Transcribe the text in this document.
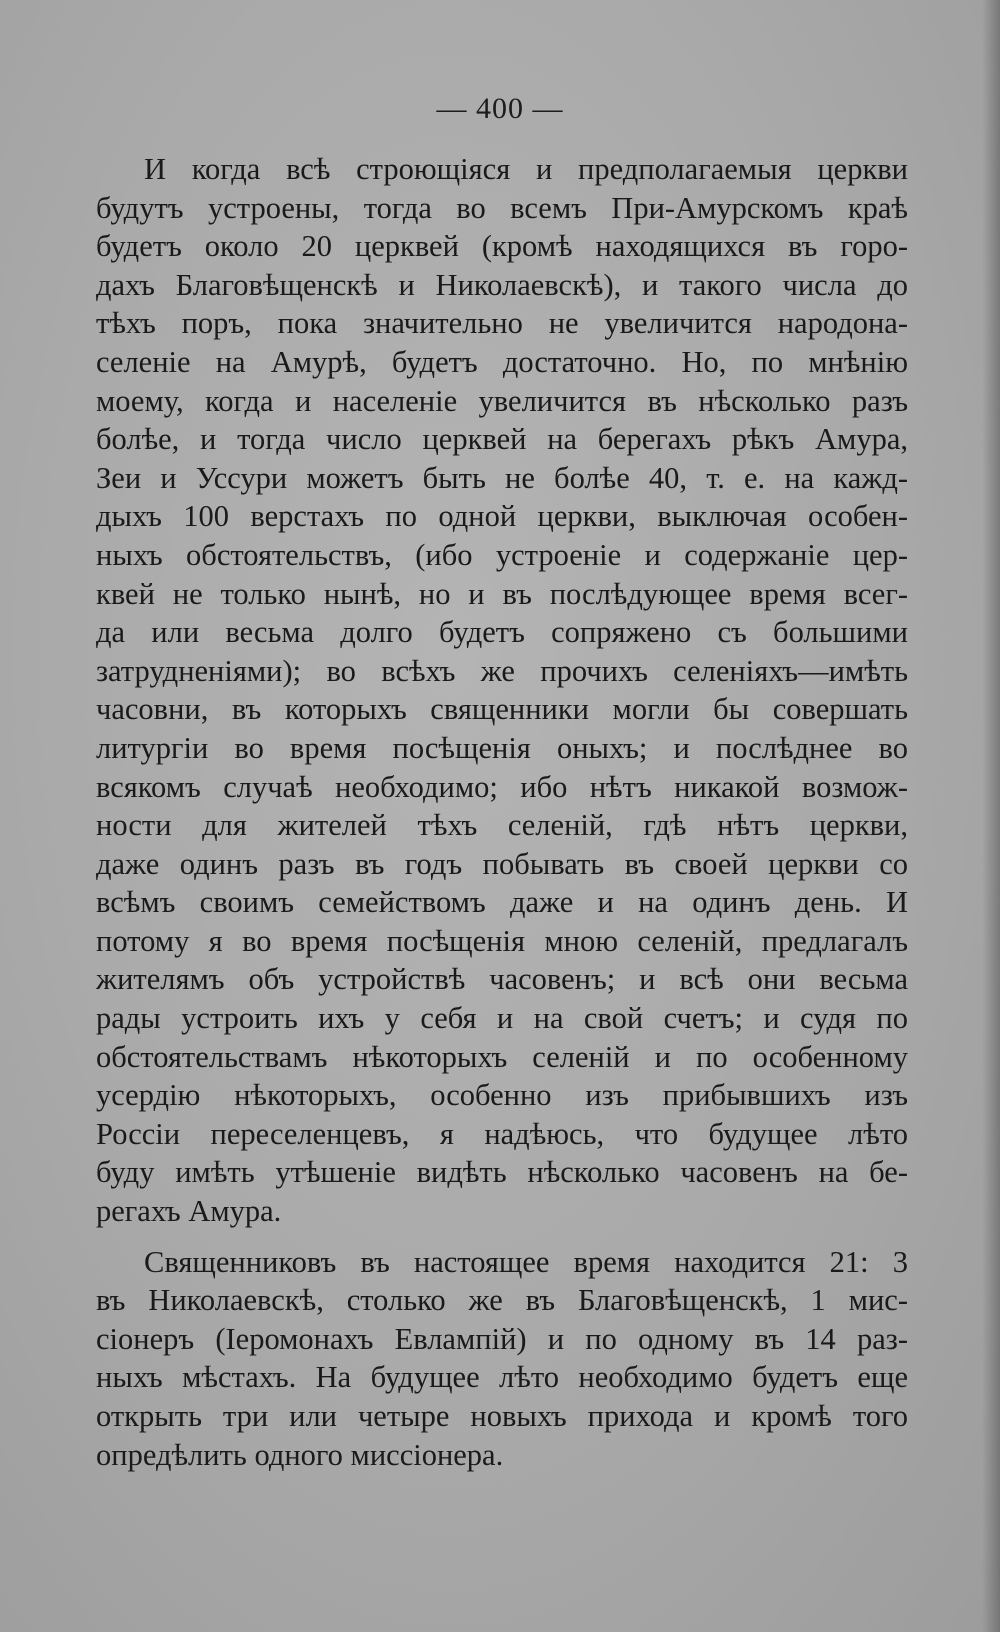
— 400 —
И когда всѣ строющіяся и предполагаемыя церкви
будутъ устроены, тогда во всемъ При-Амурскомъ краѣ
будетъ около 20 церквей (кромѣ находящихся въ горо-
дахъ Благовѣщенскѣ и Николаевскѣ), и такого числа до
тѣхъ поръ, пока значительно не увеличится народона-
селеніе на Амурѣ, будетъ достаточно. Но, по мнѣнію
моему, когда и населеніе увеличится въ нѣсколько разъ
болѣе, и тогда число церквей на берегахъ рѣкъ Амура,
Зеи и Уссури можетъ быть не болѣе 40, т. е. на кажд-
дыхъ 100 верстахъ по одной церкви, выключая особен-
ныхъ обстоятельствъ, (ибо устроеніе и содержаніе цер-
квей не только нынѣ, но и въ послѣдующее время всег-
да или весьма долго будетъ сопряжено съ большими
затрудненіями); во всѣхъ же прочихъ селеніяхъ—имѣть
часовни, въ которыхъ священники могли бы совершать
литургіи во время посѣщенія оныхъ; и послѣднее во
всякомъ случаѣ необходимо; ибо нѣтъ никакой возмож-
ности для жителей тѣхъ селеній, гдѣ нѣтъ церкви,
даже одинъ разъ въ годъ побывать въ своей церкви со
всѣмъ своимъ семействомъ даже и на одинъ день. И
потому я во время посѣщенія мною селеній, предлагалъ
жителямъ объ устройствѣ часовенъ; и всѣ они весьма
рады устроить ихъ у себя и на свой счетъ; и судя по
обстоятельствамъ нѣкоторыхъ селеній и по особенному
усердію нѣкоторыхъ, особенно изъ прибывшихъ изъ
Россіи переселенцевъ, я надѣюсь, что будущее лѣто
буду имѣть утѣшеніе видѣть нѣсколько часовенъ на бе-
регахъ Амура.
Священниковъ въ настоящее время находится 21: 3
въ Николаевскѣ, столько же въ Благовѣщенскѣ, 1 мис-
сіонеръ (Іеромонахъ Евлампій) и по одному въ 14 раз-
ныхъ мѣстахъ. На будущее лѣто необходимо будетъ еще
открыть три или четыре новыхъ прихода и кромѣ того
опредѣлить одного миссіонера.
